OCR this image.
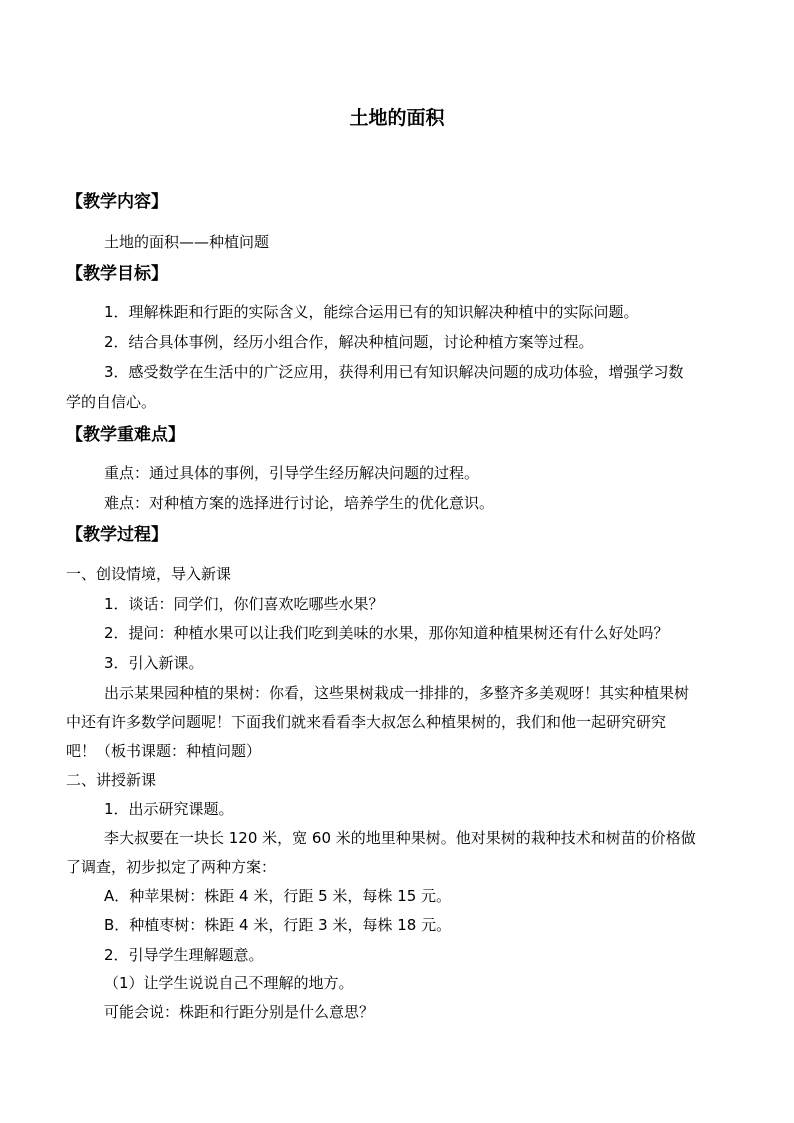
土地的面积
【教学内容】
土地的面积——种植问题
【教学目标】
1．理解株距和行距的实际含义，能综合运用已有的知识解决种植中的实际问题。
2．结合具体事例，经历小组合作，解决种植问题，讨论种植方案等过程。
3．感受数学在生活中的广泛应用，获得利用已有知识解决问题的成功体验，增强学习数
学的自信心。
【教学重难点】
重点：通过具体的事例，引导学生经历解决问题的过程。
难点：对种植方案的选择进行讨论，培养学生的优化意识。
【教学过程】
一、创设情境，导入新课
1．谈话：同学们，你们喜欢吃哪些水果？
2．提问：种植水果可以让我们吃到美味的水果，那你知道种植果树还有什么好处吗？
3．引入新课。
出示某果园种植的果树：你看，这些果树栽成一排排的，多整齐多美观呀！其实种植果树
中还有许多数学问题呢！下面我们就来看看李大叔怎么种植果树的，我们和他一起研究研究
吧！（板书课题：种植问题）
二、讲授新课
1．出示研究课题。
李大叔要在一块长 120 米，宽 60 米的地里种果树。他对果树的栽种技术和树苗的价格做
了调查，初步拟定了两种方案：
A．种苹果树：株距 4 米，行距 5 米，每株 15 元。
B．种植枣树：株距 4 米，行距 3 米，每株 18 元。
2．引导学生理解题意。
（1）让学生说说自己不理解的地方。
可能会说：株距和行距分别是什么意思？
